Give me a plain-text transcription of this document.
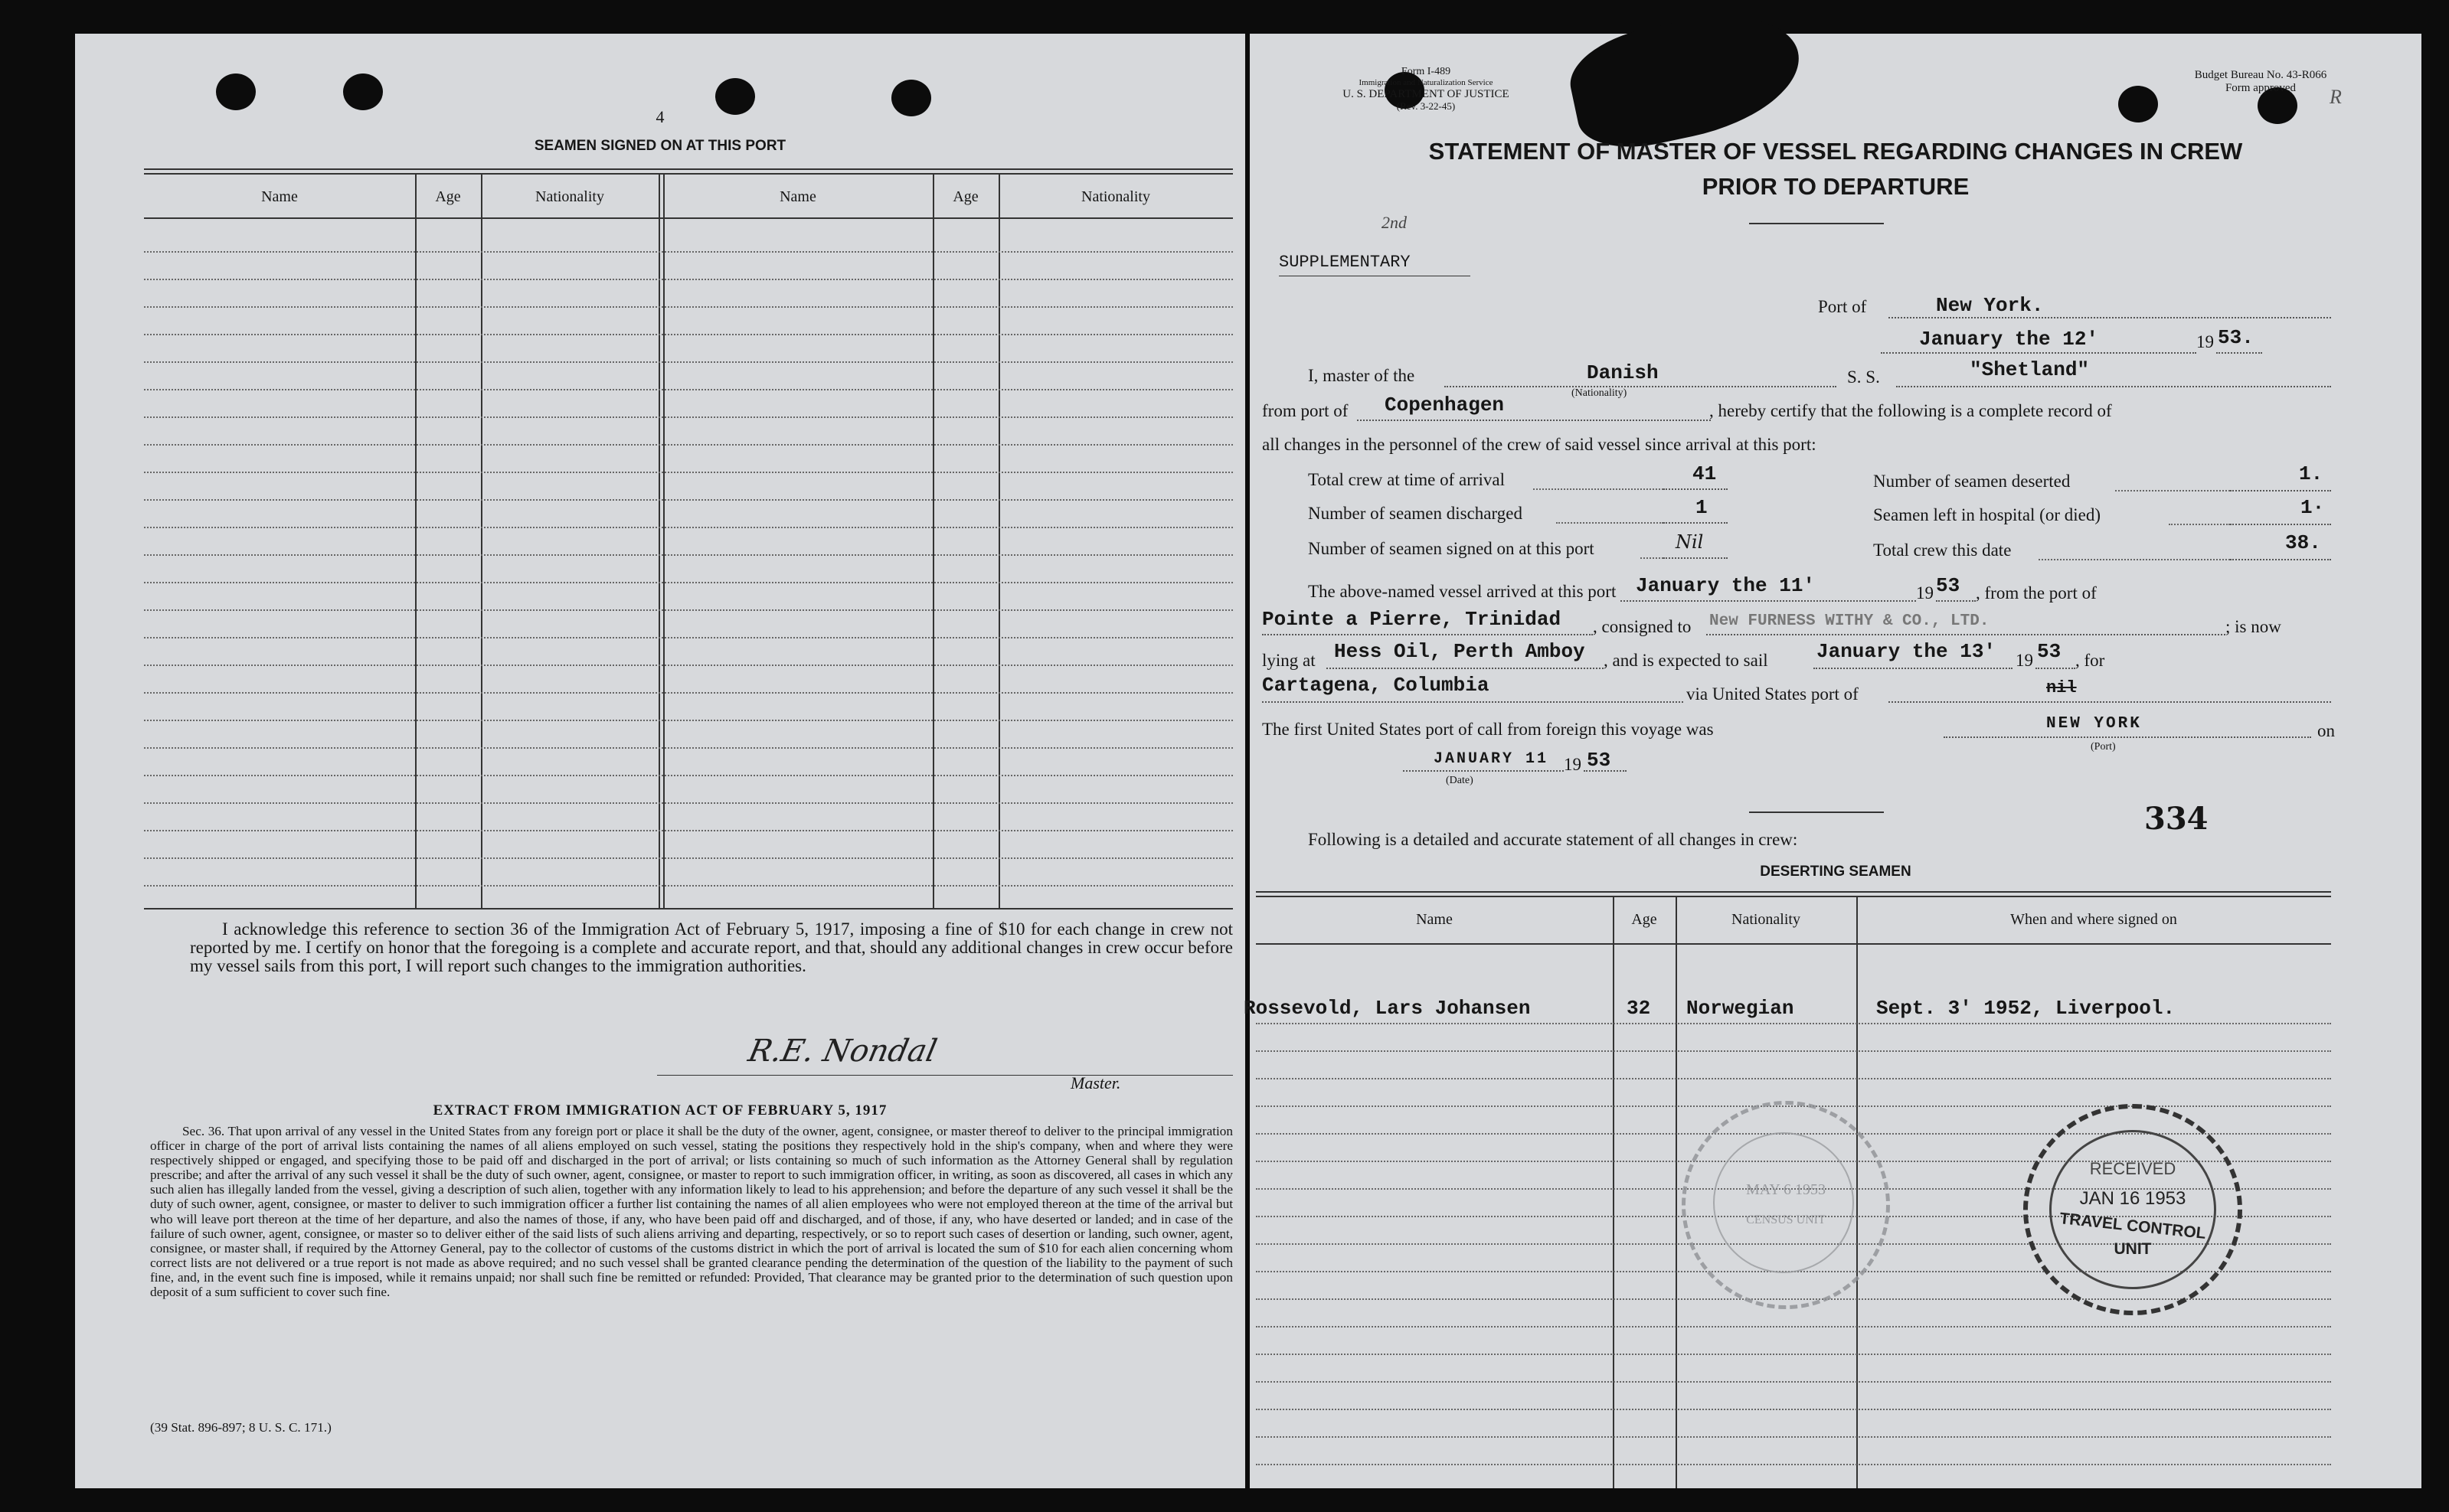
4
SEAMEN SIGNED ON AT THIS PORT
Name	Age	Nationality	Name	Age	Nationality
I acknowledge this reference to section 36 of the Immigration Act of February 5, 1917, imposing a fine of $10 for each change in crew not reported by me. I certify on honor that the foregoing is a complete and accurate report, and that, should any additional changes in crew occur before my vessel sails from this port, I will report such changes to the immigration authorities.
R.E. Nondal
Master.
EXTRACT FROM IMMIGRATION ACT OF FEBRUARY 5, 1917
Sec. 36. That upon arrival of any vessel in the United States from any foreign port or place it shall be the duty of the owner, agent, consignee, or master thereof to deliver to the principal immigration officer in charge of the port of arrival lists containing the names of all aliens employed on such vessel, stating the positions they respectively hold in the ship's company, when and where they were respectively shipped or engaged, and specifying those to be paid off and discharged in the port of arrival; or lists containing so much of such information as the Attorney General shall by regulation prescribe; and after the arrival of any such vessel it shall be the duty of such owner, agent, consignee, or master to report to such immigration officer, in writing, as soon as discovered, all cases in which any such alien has illegally landed from the vessel, giving a description of such alien, together with any information likely to lead to his apprehension; and before the departure of any such vessel it shall be the duty of such owner, agent, consignee, or master to deliver to such immigration officer a further list containing the names of all alien employees who were not employed thereon at the time of the arrival but who will leave port thereon at the time of her departure, and also the names of those, if any, who have been paid off and discharged, and of those, if any, who have deserted or landed; and in case of the failure of such owner, agent, consignee, or master so to deliver either of the said lists of such aliens arriving and departing, respectively, or so to report such cases of desertion or landing, such owner, agent, consignee, or master shall, if required by the Attorney General, pay to the collector of customs of the customs district in which the port of arrival is located the sum of $10 for each alien concerning whom correct lists are not delivered or a true report is not made as above required; and no such vessel shall be granted clearance pending the determination of the question of the liability to the payment of such fine, and, in the event such fine is imposed, while it remains unpaid; nor shall such fine be remitted or refunded: Provided, That clearance may be granted prior to the determination of such question upon deposit of a sum sufficient to cover such fine.
(39 Stat. 896-897; 8 U. S. C. 171.)
Form I-489
Immigration and Naturalization Service
U. S. DEPARTMENT OF JUSTICE
(Rev. 3-22-45)
Budget Bureau No. 43-R066
Form approved	R
STATEMENT OF MASTER OF VESSEL REGARDING CHANGES IN CREW
PRIOR TO DEPARTURE
2nd
SUPPLEMENTARY
Port of	New York.
January the 12'	19 53.
I, master of the	Danish
(Nationality)
S. S.	"Shetland"
from port of Copenhagen	, hereby certify that the following is a complete record of
all changes in the personnel of the crew of said vessel since arrival at this port:
Total crew at time of arrival	41
Number of seamen discharged	1
Number of seamen signed on at this port	Nil
Number of seamen deserted	1.
Seamen left in hospital (or died)	1·
Total crew this date	38.
The above-named vessel arrived at this port January the 11'	19 53 , from the port of
Pointe a Pierre, Trinidad , consigned to New FURNESS WITHY & CO., LTD.	; is now
lying at Hess Oil, Perth Amboy , and is expected to sail January the 13' 19 53 , for
Cartagena, Columbia	via United States port of	nil
The first United States port of call from foreign this voyage was	NEW YORK
(Port)
on
JANUARY 11
(Date)
19 53
334
Following is a detailed and accurate statement of all changes in crew:
DESERTING SEAMEN
Name	Age	Nationality	When and where signed on
Rossevold, Lars Johansen	32 Norwegian	Sept. 3' 1952, Liverpool.
MAY 6 1953
CENSUS UNIT
RECEIVED
JAN 16 1953
TRAVEL CONTROL
UNIT
